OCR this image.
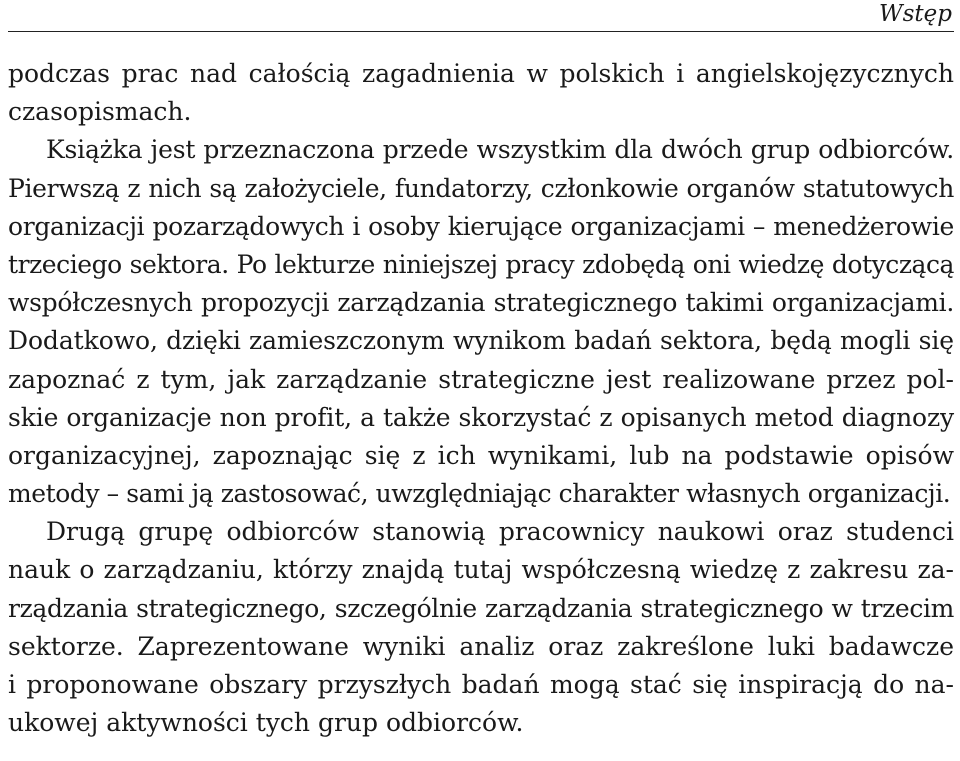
Wstęp
podczas prac nad całością zagadnienia w polskich i angielskojęzycznych
czasopismach.
Książka jest przeznaczona przede wszystkim dla dwóch grup odbiorców.
Pierwszą z nich są założyciele, fundatorzy, członkowie organów statutowych
organizacji pozarządowych i osoby kierujące organizacjami – menedżerowie
trzeciego sektora. Po lekturze niniejszej pracy zdobędą oni wiedzę dotyczącą
współczesnych propozycji zarządzania strategicznego takimi organizacjami.
Dodatkowo, dzięki zamieszczonym wynikom badań sektora, będą mogli się
zapoznać z tym, jak zarządzanie strategiczne jest realizowane przez pol-
skie organizacje non profit, a także skorzystać z opisanych metod diagnozy
organizacyjnej, zapoznając się z ich wynikami, lub na podstawie opisów
metody – sami ją zastosować, uwzględniając charakter własnych organizacji.
Drugą grupę odbiorców stanowią pracownicy naukowi oraz studenci
nauk o zarządzaniu, którzy znajdą tutaj współczesną wiedzę z zakresu za-
rządzania strategicznego, szczególnie zarządzania strategicznego w trzecim
sektorze. Zaprezentowane wyniki analiz oraz zakreślone luki badawcze
i proponowane obszary przyszłych badań mogą stać się inspiracją do na-
ukowej aktywności tych grup odbiorców.
